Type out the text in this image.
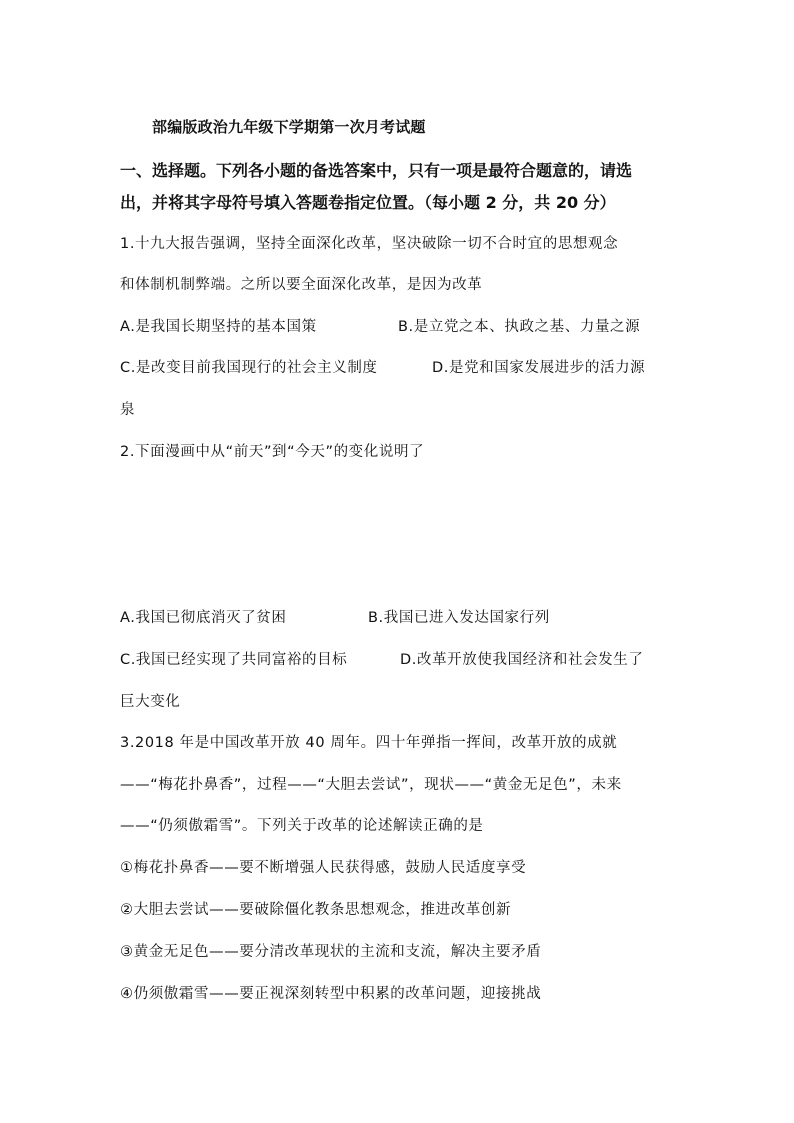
部编版政治九年级下学期第一次月考试题
一、选择题。下列各小题的备选答案中，只有一项是最符合题意的，请选
出，并将其字母符号填入答题卷指定位置。（每小题 2 分，共 20 分）
1.十九大报告强调，坚持全面深化改革，坚决破除一切不合时宜的思想观念
和体制机制弊端。之所以要全面深化改革，是因为改革
A.是我国长期坚持的基本国策	B.是立党之本、执政之基、力量之源
C.是改变目前我国现行的社会主义制度	D.是党和国家发展进步的活力源
泉
2.下面漫画中从“前天”到“今天”的变化说明了
A.我国已彻底消灭了贫困	B.我国已进入发达国家行列
C.我国已经实现了共同富裕的目标	D.改革开放使我国经济和社会发生了
巨大变化
3.2018 年是中国改革开放 40 周年。四十年弹指一挥间，改革开放的成就
——“梅花扑鼻香”，过程——“大胆去尝试”，现状——“黄金无足色”，未来
——“仍须傲霜雪”。下列关于改革的论述解读正确的是
①梅花扑鼻香——要不断增强人民获得感，鼓励人民适度享受
②大胆去尝试——要破除僵化教条思想观念，推进改革创新
③黄金无足色——要分清改革现状的主流和支流，解决主要矛盾
④仍须傲霜雪——要正视深刻转型中积累的改革问题，迎接挑战
